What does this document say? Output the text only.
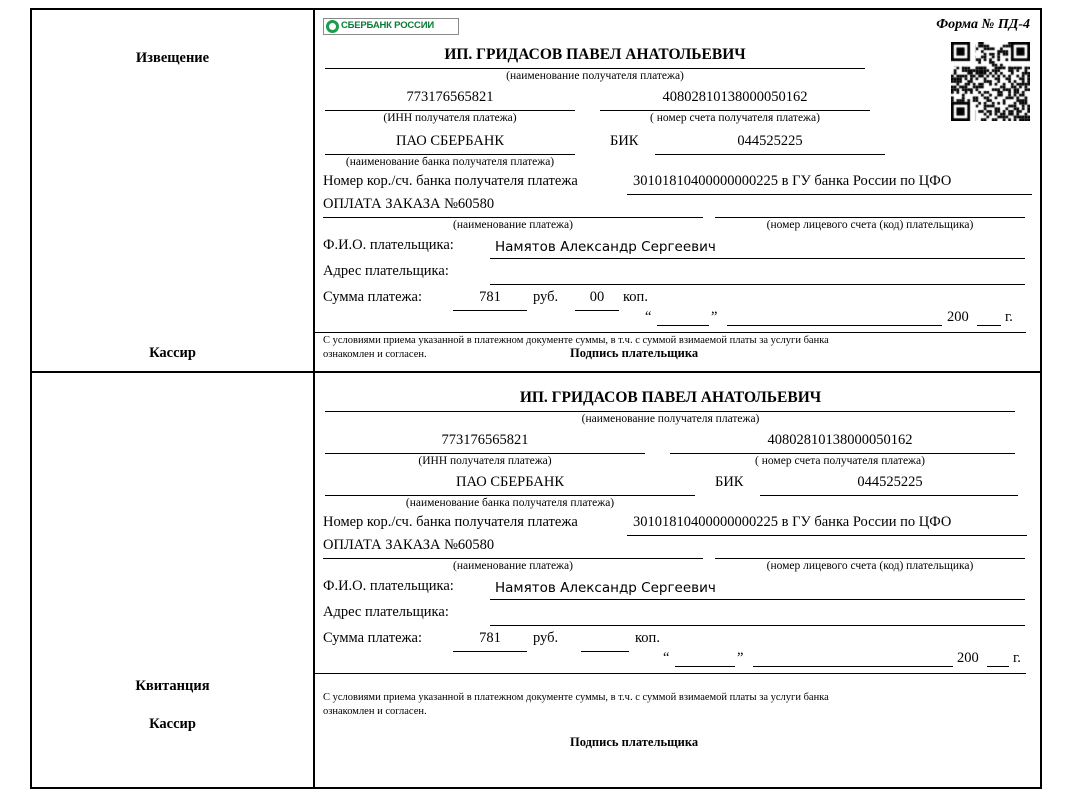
Извещение
Кассир
СБЕРБАНК РОССИИ	Форма № ПД-4
ИП. ГРИДАСОВ ПАВЕЛ АНАТОЛЬЕВИЧ
(наименование получателя платежа)
773176565821
(ИНН получателя платежа)
40802810138000050162
( номер счета получателя платежа)
ПАО СБЕРБАНК
(наименование банка получателя платежа)
БИК	044525225
Номер кор./сч. банка получателя платежа	30101810400000000225 в ГУ банка России по ЦФО
ОПЛАТА ЗАКАЗА №60580
(наименование платежа)	(номер лицевого счета (код) плательщика)
Ф.И.О. плательщика:	Намятов Александр Сергеевич
Адрес плательщика:
Сумма платежа:	781	руб.	00	коп.
“	”	200	г.
С условиями приема указанной в платежном документе суммы, в т.ч. с суммой взимаемой платы за услуги банка
ознакомлен и согласен.	Подпись плательщика
Квитанция
Кассир
ИП. ГРИДАСОВ ПАВЕЛ АНАТОЛЬЕВИЧ
(наименование получателя платежа)
773176565821
(ИНН получателя платежа)
40802810138000050162
( номер счета получателя платежа)
ПАО СБЕРБАНК
(наименование банка получателя платежа)
БИК	044525225
Номер кор./сч. банка получателя платежа	30101810400000000225 в ГУ банка России по ЦФО
ОПЛАТА ЗАКАЗА №60580
(наименование платежа)	(номер лицевого счета (код) плательщика)
Ф.И.О. плательщика:	Намятов Александр Сергеевич
Адрес плательщика:
Сумма платежа:	781	руб.	коп.
“	”	200 г.
С условиями приема указанной в платежном документе суммы, в т.ч. с суммой взимаемой платы за услуги банка
ознакомлен и согласен.
Подпись плательщика
